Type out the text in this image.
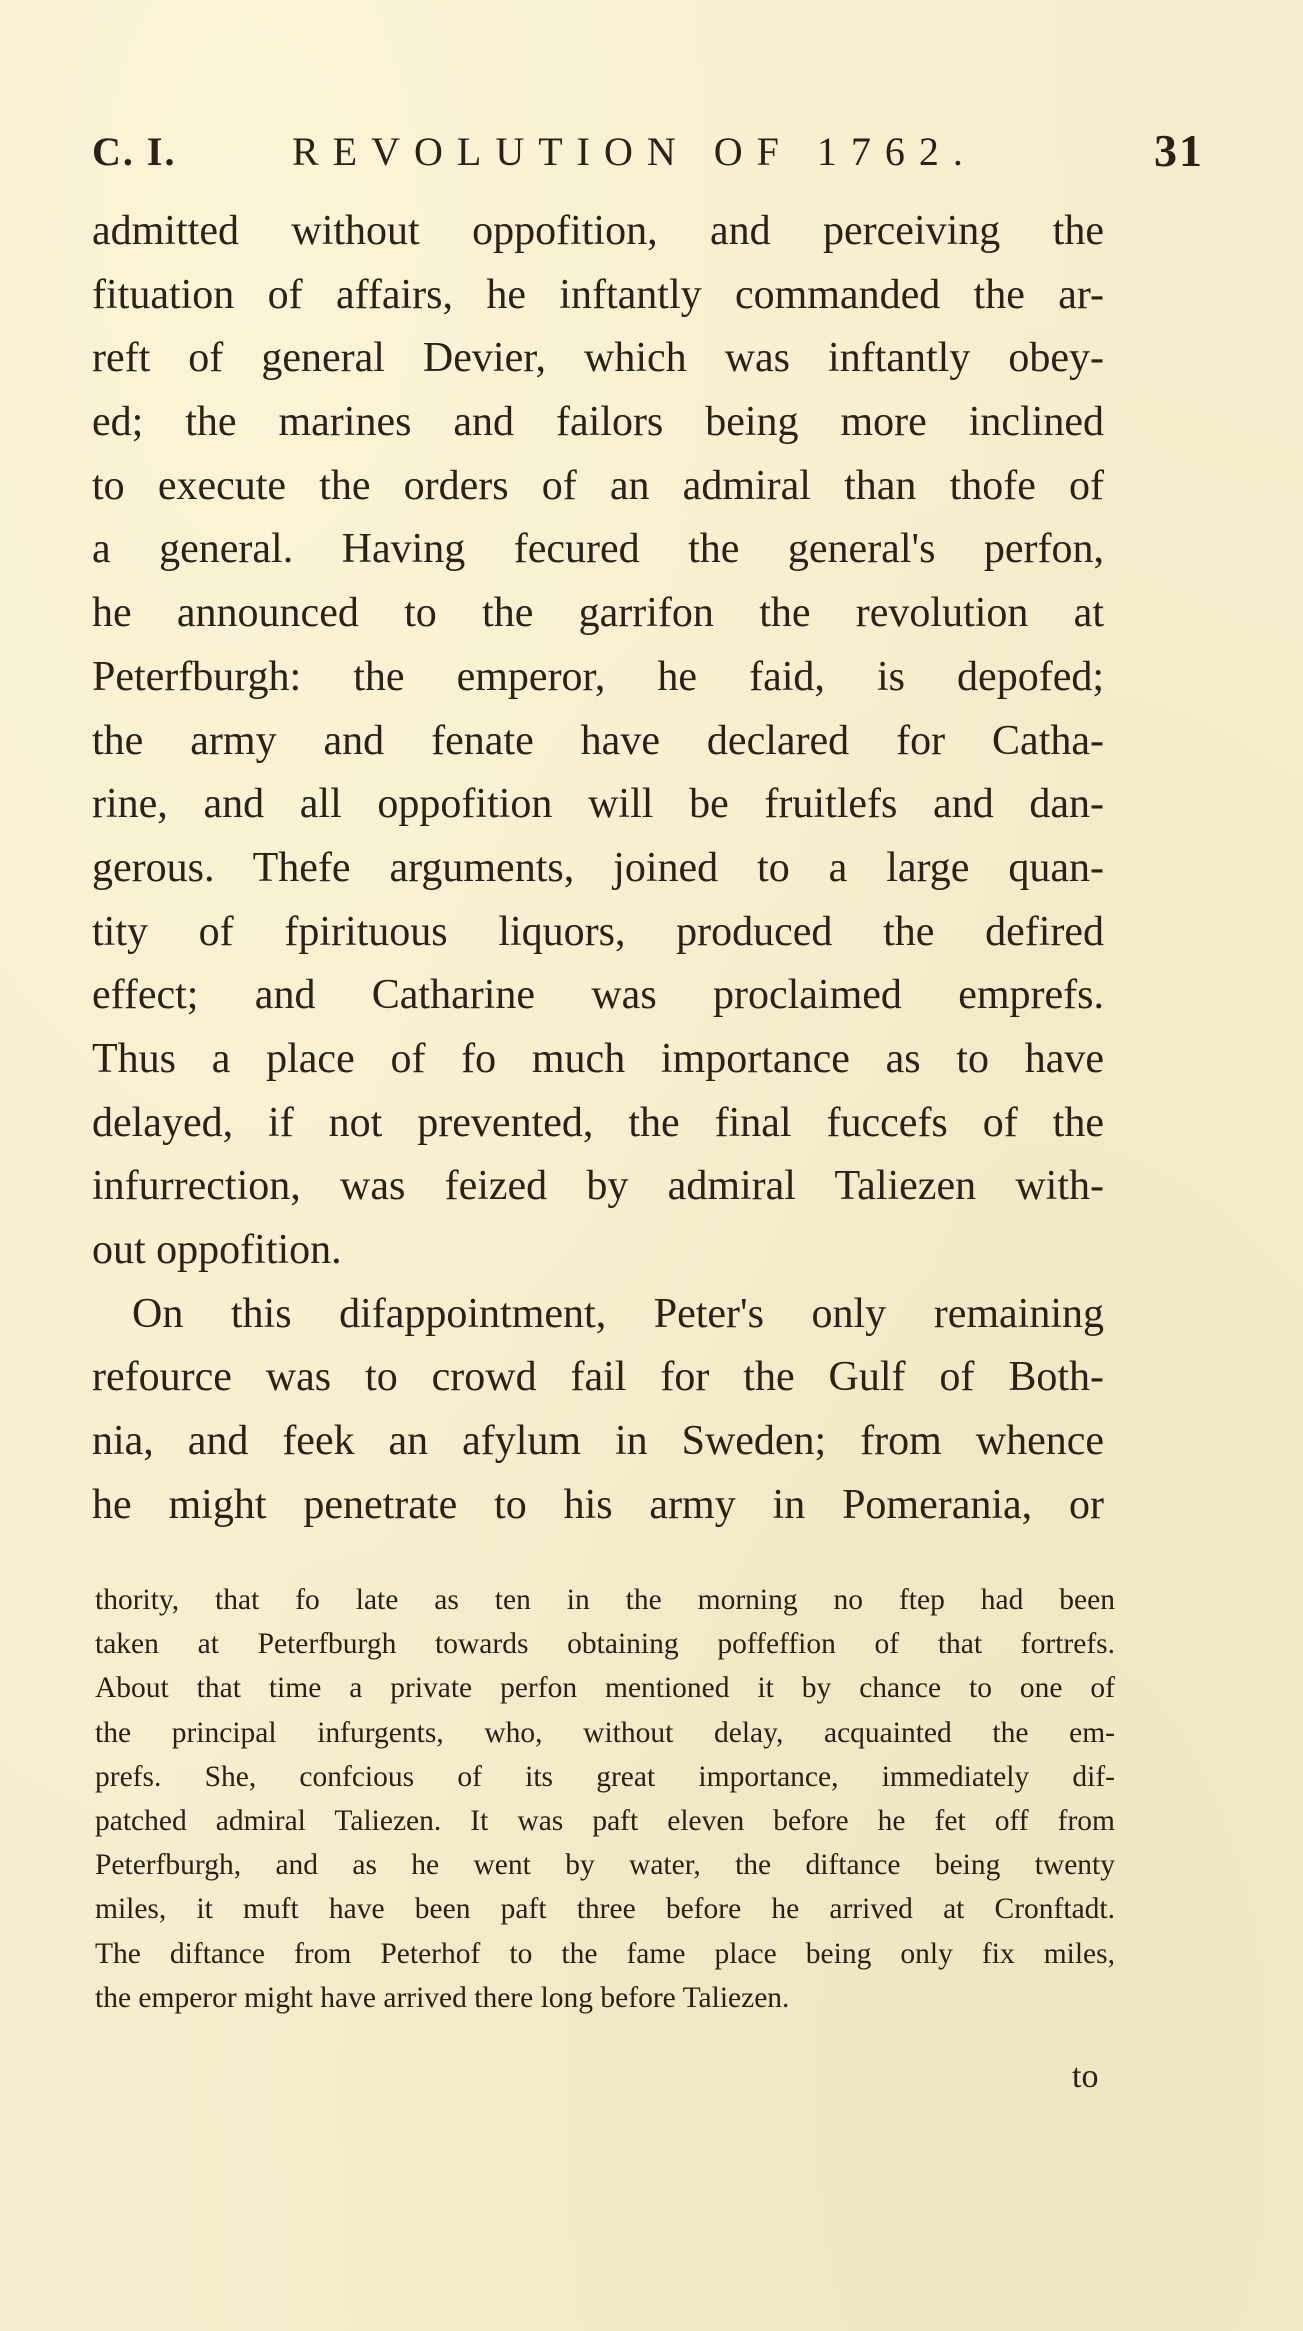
C. I.	REVOLUTION OF 1762.	31
admitted without oppofition, and perceiving the
fituation of affairs, he inftantly commanded the ar-
reft of general Devier, which was inftantly obey-
ed; the marines and failors being more inclined
to execute the orders of an admiral than thofe of
a general. Having fecured the general's perfon,
he announced to the garrifon the revolution at
Peterfburgh: the emperor, he faid, is depofed;
the army and fenate have declared for Catha-
rine, and all oppofition will be fruitlefs and dan-
gerous. Thefe arguments, joined to a large quan-
tity of fpirituous liquors, produced the defired
effect; and Catharine was proclaimed emprefs.
Thus a place of fo much importance as to have
delayed, if not prevented, the final fuccefs of the
infurrection, was feized by admiral Taliezen with-
out oppofition.
On this difappointment, Peter's only remaining
refource was to crowd fail for the Gulf of Both-
nia, and feek an afylum in Sweden; from whence
he might penetrate to his army in Pomerania, or
thority, that fo late as ten in the morning no ftep had been
taken at Peterfburgh towards obtaining poffeffion of that fortrefs.
About that time a private perfon mentioned it by chance to one of
the principal infurgents, who, without delay, acquainted the em-
prefs. She, confcious of its great importance, immediately dif-
patched admiral Taliezen. It was paft eleven before he fet off from
Peterfburgh, and as he went by water, the diftance being twenty
miles, it muft have been paft three before he arrived at Cronftadt.
The diftance from Peterhof to the fame place being only fix miles,
the emperor might have arrived there long before Taliezen.
to
